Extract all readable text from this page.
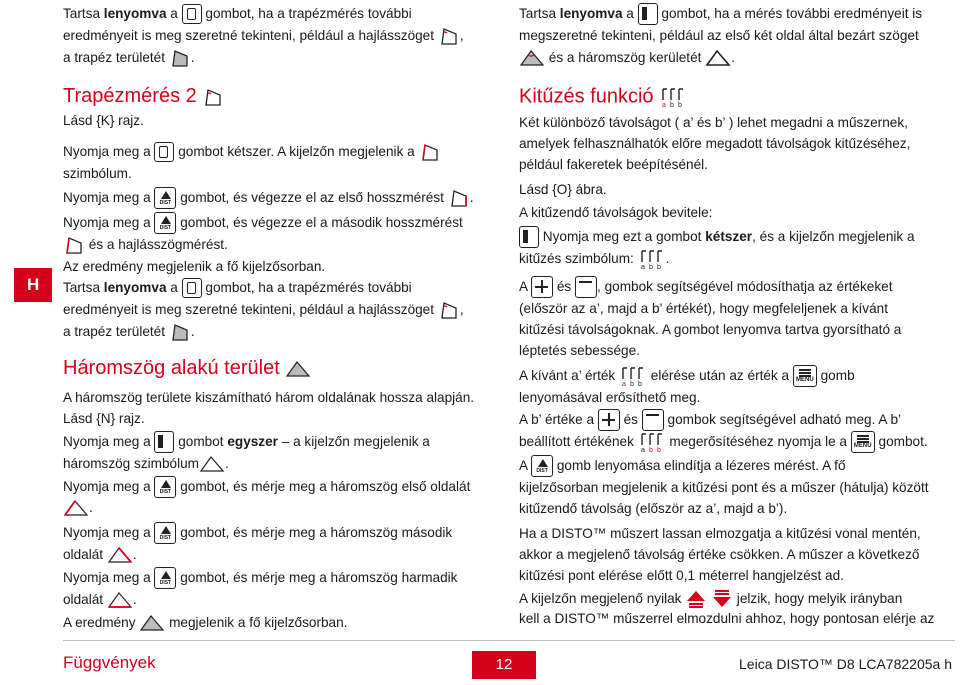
H
Tartsa lenyomva a  gombot, ha a trapézmérés további
eredményeit is meg szeretné tekinteni, például a hajlásszöget ,
a trapéz területét .
Trapézmérés 2
Lásd {K} rajz.
Nyomja meg a  gombot kétszer. A kijelzőn megjelenik a
szimbólum.
Nyomja meg a DIST gombot, és végezze el az első hosszmérést .
Nyomja meg a DIST gombot, és végezze el a második hosszmérést
és a hajlásszögmérést.
Az eredmény megjelenik a fő kijelzősorban.
Tartsa lenyomva a  gombot, ha a trapézmérés további
eredményeit is meg szeretné tekinteni, például a hajlásszöget ,
a trapéz területét .
Háromszög alakú terület
A háromszög területe kiszámítható három oldalának hossza alapján.
Lásd {N} rajz.
Nyomja meg a  gombot egyszer – a kijelzőn megjelenik a
háromszög szimbólum .
Nyomja meg a DIST gombot, és mérje meg a háromszög első oldalát
.
Nyomja meg a DIST gombot, és mérje meg a háromszög második
oldalát .
Nyomja meg a DIST gombot, és mérje meg a háromszög harmadik
oldalát .
A eredmény  megjelenik a fő kijelzősorban.
Tartsa lenyomva a  gombot, ha a mérés további eredményeit is
megszeretné tekinteni, például az első két oldal által bezárt szöget
és a háromszög kerületét .
Kitűzés funkció a b b
Két különböző távolságot ( a’ és b’ ) lehet megadni a műszernek,
amelyek felhasználhatók előre megadott távolságok kitűzéséhez,
például fakeretek beépítésénél.
Lásd {O} ábra.
A kitűzendő távolságok bevitele:
Nyomja meg ezt a gombot kétszer, és a kijelzőn megjelenik a
kitűzés szimbólum:
a b b
.
A  és , gombok segítségével módosíthatja az értékeket
(először az a’, majd a b’ értékét), hogy megfeleljenek a kívánt
kitűzési távolságoknak. A gombot lenyomva tartva gyorsítható a
léptetés sebessége.
A kívánt a’ érték
a b b
elérése után az érték a MENU gomb
lenyomásával erősíthető meg.
A b’ értéke a  és  gombok segítségével adható meg. A b’
beállított értékének
a b b
megerősítéséhez nyomja le a MENU gombot.
A DIST gomb lenyomása elindítja a lézeres mérést. A fő
kijelzősorban megjelenik a kitűzési pont és a műszer (hátulja) között
kitűzendő távolság (először az a’, majd a b’).
Ha a DISTO™ műszert lassan elmozgatja a kitűzési vonal mentén,
akkor a megjelenő távolság értéke csökken. A műszer a következő
kitűzési pont elérése előtt 0,1 méterrel hangjelzést ad.
A kijelzőn megjelenő nyilak	jelzik, hogy melyik irányban
kell a DISTO™ műszerrel elmozdulni ahhoz, hogy pontosan elérje az
Függvények	12	Leica DISTO™ D8 LCA782205a h
